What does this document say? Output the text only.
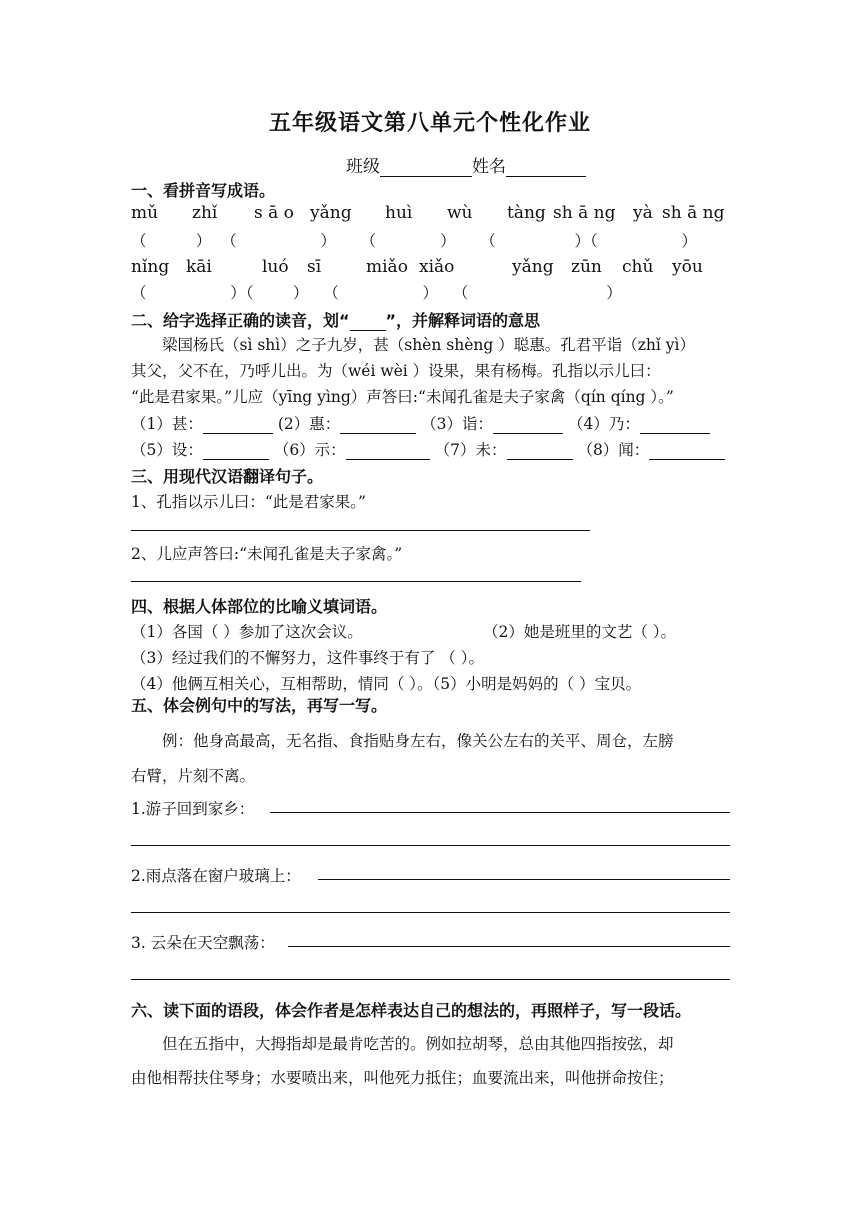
五年级语文第八单元个性化作业
班级	姓名
一、看拼音写成语。
mǔ zhǐ s ā o yǎng huì wù tàng sh ā ng yà sh ā ng
（          ）  （                 ）     （             ）     （                ）（                 ）
nǐng kāi	luó sī	miǎo xiǎo	yǎng zūn chǔ yōu
（                 ）（        ）   （                 ）   （                            ）
二、给字选择正确的读音，划“ ”，并解释词语的意思
梁国杨氏（sì shì）之子九岁，甚（shèn shèng ）聪惠。孔君平诣（zhǐ yì）
其父，父不在，乃呼儿出。为（wéi wèi ）设果，果有杨梅。孔指以示儿曰：
“此是君家果。”儿应（yīng yìng）声答曰:“未闻孔雀是夫子家禽（qín qíng ）。”
（1）甚：	(2）惠：	（3）诣：	（4）乃：
（5）设：	（6）示：	（7）未：	（8）闻：
三、用现代汉语翻译句子。
1、孔指以示儿曰：“此是君家果。”
2、儿应声答曰:“未闻孔雀是夫子家禽。”
四、根据人体部位的比喻义填词语。
（1）各国（ ）参加了这次会议。	（2）她是班里的文艺（ ）。
（3）经过我们的不懈努力，这件事终于有了 （ ）。
（4）他俩互相关心，互相帮助，情同（ ）。（5）小明是妈妈的（ ）宝贝。
五、体会例句中的写法，再写一写。
例：他身高最高，无名指、食指贴身左右，像关公左右的关平、周仓，左膀
右臂，片刻不离。
1.游子回到家乡：
2.雨点落在窗户玻璃上：
3. 云朵在天空飘荡：
六、读下面的语段，体会作者是怎样表达自己的想法的，再照样子，写一段话。
但在五指中，大拇指却是最肯吃苦的。例如拉胡琴，总由其他四指按弦，却
由他相帮扶住琴身；水要喷出来，叫他死力抵住；血要流出来，叫他拼命按住；
